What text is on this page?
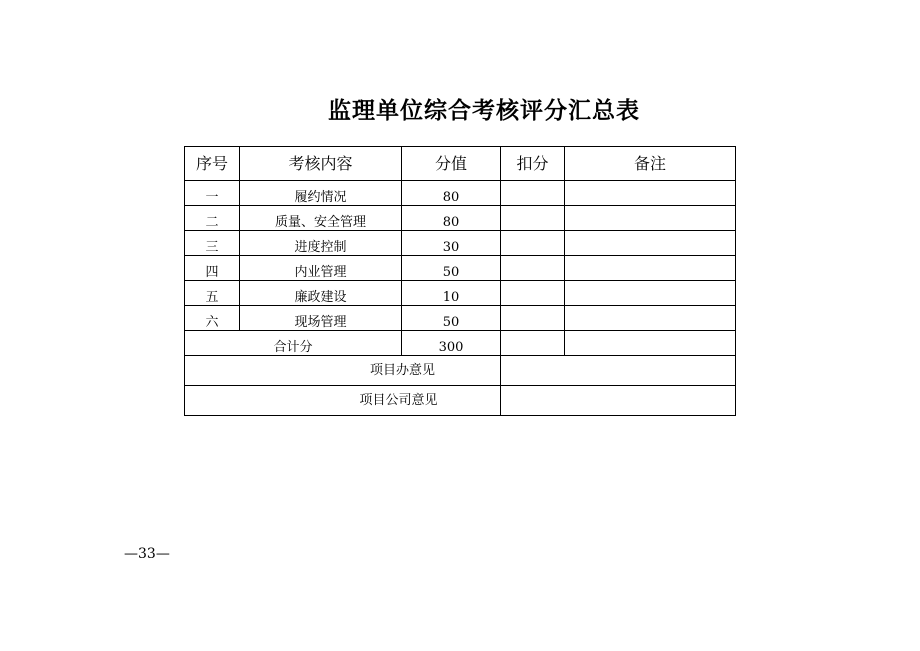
监理单位综合考核评分汇总表
序号	考核内容	分值	扣分	备注
一	履约情况	80		
二	质量、安全管理	80		
三	进度控制	30		
四	内业管理	50		
五	廉政建设	10		
六	现场管理	50		
合计分		300		
项目办意见				
项目公司意见				
—33—
